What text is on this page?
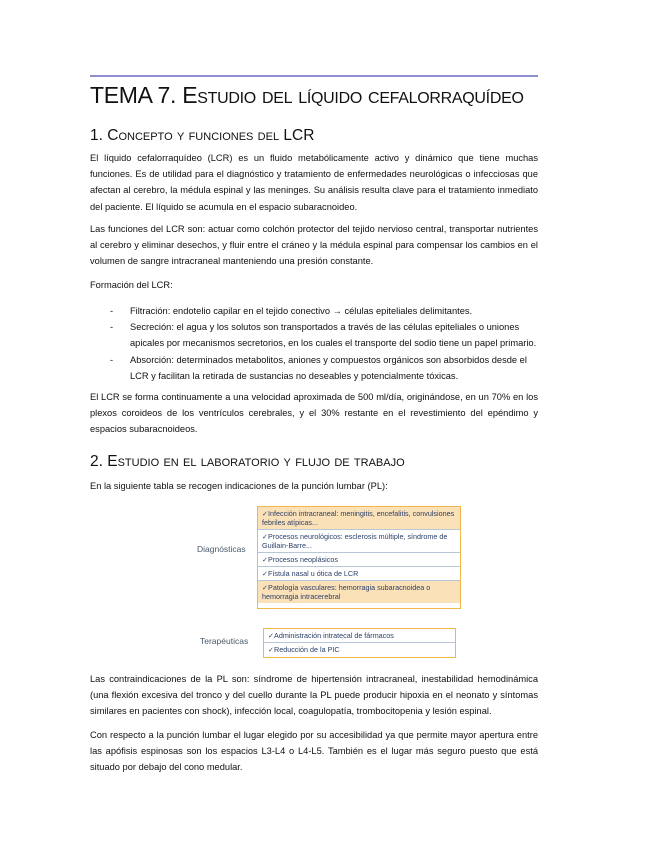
TEMA 7. Estudio del líquido cefalorraquídeo
1. Concepto y funciones del LCR

El líquido cefalorraquídeo (LCR) es un fluido metabólicamente activo y dinámico que tiene muchas funciones. Es de utilidad para el diagnóstico y tratamiento de enfermedades neurológicas o infecciosas que afectan al cerebro, la médula espinal y las meninges. Su análisis resulta clave para el tratamiento inmediato del paciente. El líquido se acumula en el espacio subaracnoideo.

Las funciones del LCR son: actuar como colchón protector del tejido nervioso central, transportar nutrientes al cerebro y eliminar desechos, y fluir entre el cráneo y la médula espinal para compensar los cambios en el volumen de sangre intracraneal manteniendo una presión constante.

Formación del LCR:

- Filtración: endotelio capilar en el tejido conectivo → células epiteliales delimitantes.
- Secreción: el agua y los solutos son transportados a través de las células epiteliales o uniones apicales por mecanismos secretorios, en los cuales el transporte del sodio tiene un papel primario.
- Absorción: determinados metabolitos, aniones y compuestos orgánicos son absorbidos desde el LCR y facilitan la retirada de sustancias no deseables y potencialmente tóxicas.

El LCR se forma continuamente a una velocidad aproximada de 500 ml/día, originándose, en un 70% en los plexos coroideos de los ventrículos cerebrales, y el 30% restante en el revestimiento del epéndimo y espacios subaracnoideos.

2. Estudio en el laboratorio y flujo de trabajo

En la siguiente tabla se recogen indicaciones de la punción lumbar (PL):

Diagnósticas
✓Infección intracraneal: meningitis, encefalitis, convulsiones febriles atípicas...
✓Procesos neurológicos: esclerosis múltiple, síndrome de Guillain-Barre...
✓Procesos neoplásicos
✓Fístula nasal u ótica de LCR
✓Patología vasculares: hemorragia subaracnoidea o hemorragia intracerebral
Terapéuticas
✓Administración intratecal de fármacos
✓Reducción de la PIC

Las contraindicaciones de la PL son: síndrome de hipertensión intracraneal, inestabilidad hemodinámica (una flexión excesiva del tronco y del cuello durante la PL puede producir hipoxia en el neonato y síntomas similares en pacientes con shock), infección local, coagulopatía, trombocitopenia y lesión espinal.

Con respecto a la punción lumbar el lugar elegido por su accesibilidad ya que permite mayor apertura entre las apófisis espinosas son los espacios L3-L4 o L4-L5. También es el lugar más seguro puesto que está situado por debajo del cono medular.
